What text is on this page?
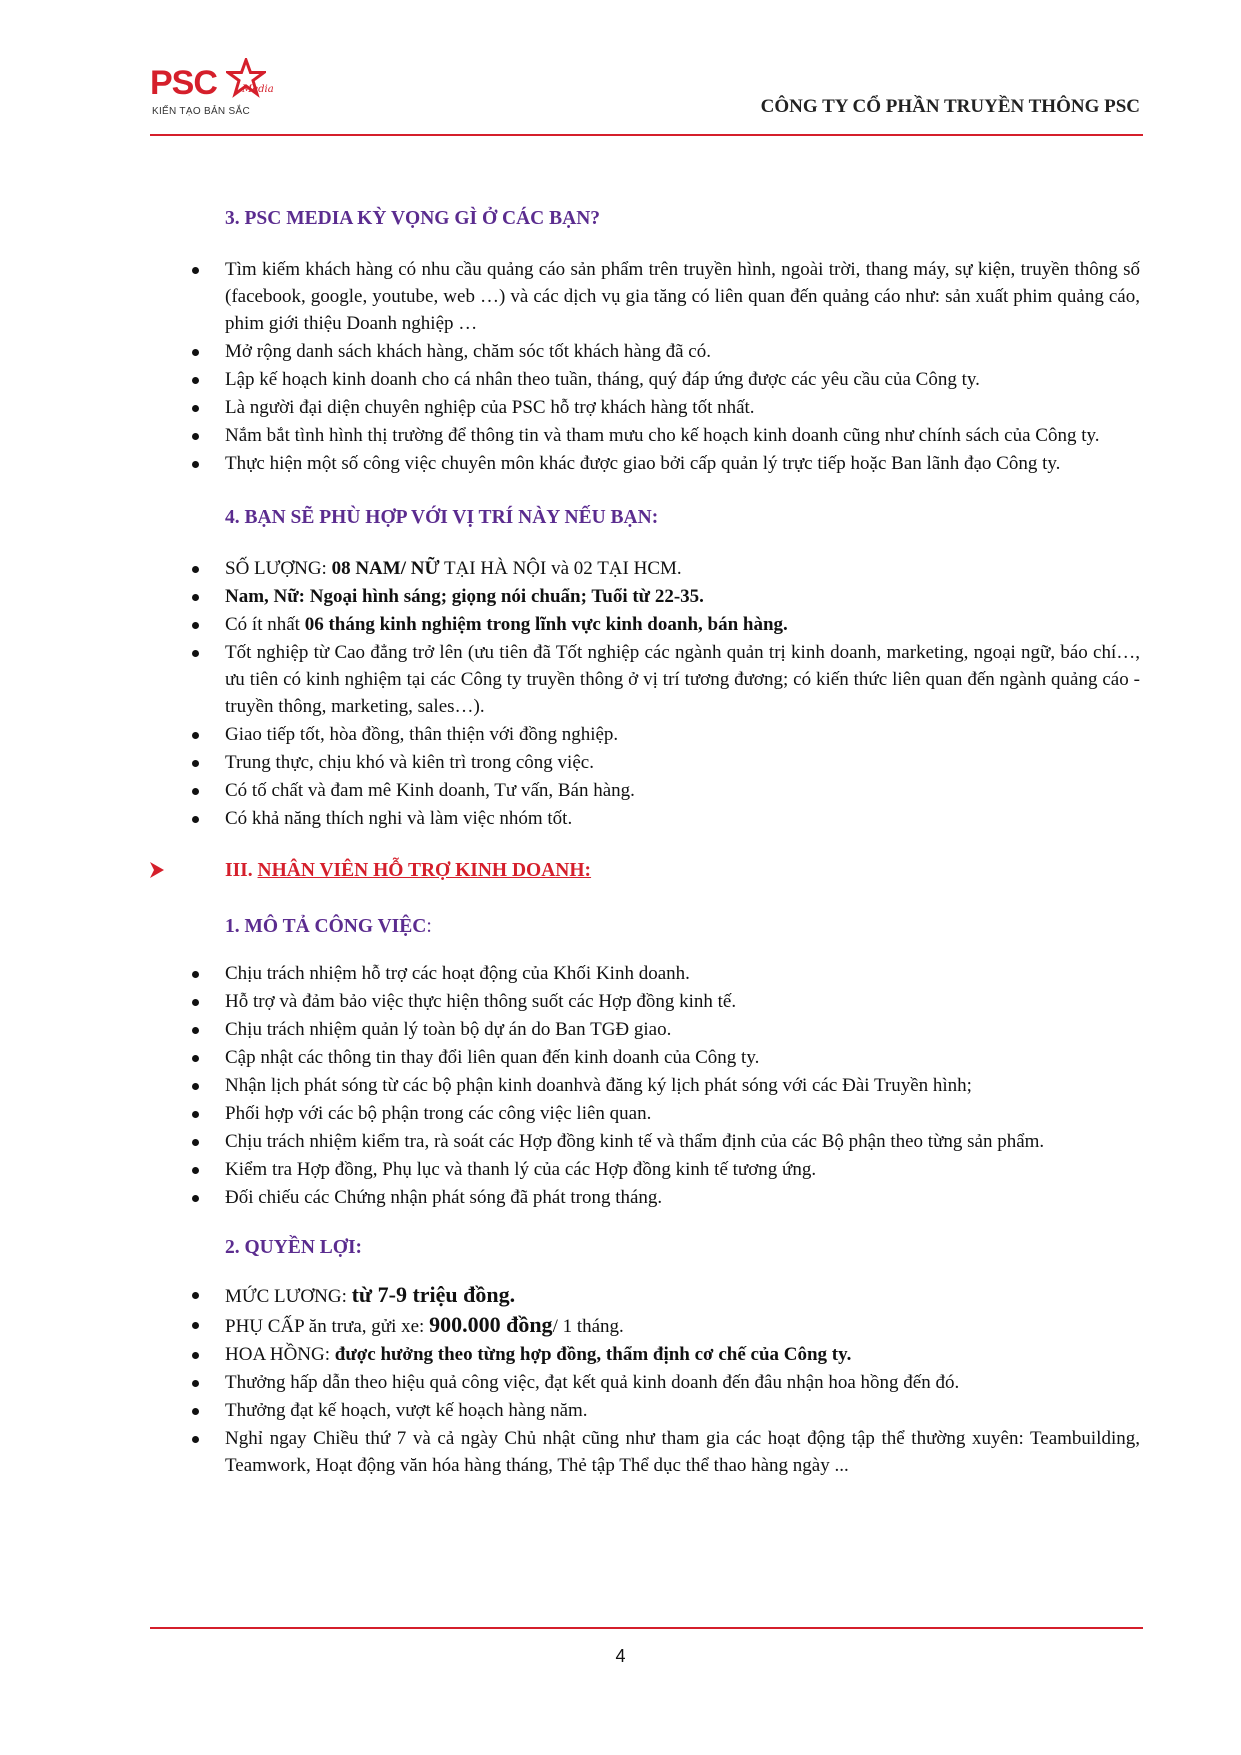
PSC	Media
KIẾN TẠO BẢN SẮC	CÔNG TY CỔ PHẦN TRUYỀN THÔNG PSC
3. PSC MEDIA KỲ VỌNG GÌ Ở CÁC BẠN?
Tìm kiếm khách hàng có nhu cầu quảng cáo sản phẩm trên truyền hình, ngoài trời, thang máy, sự kiện, truyền thông số (facebook, google, youtube, web …) và các dịch vụ gia tăng có liên quan đến quảng cáo như: sản xuất phim quảng cáo, phim giới thiệu Doanh nghiệp …
Mở rộng danh sách khách hàng, chăm sóc tốt khách hàng đã có.
Lập kế hoạch kinh doanh cho cá nhân theo tuần, tháng, quý đáp ứng được các yêu cầu của Công ty.
Là người đại diện chuyên nghiệp của PSC hỗ trợ khách hàng tốt nhất.
Nắm bắt tình hình thị trường để thông tin và tham mưu cho kế hoạch kinh doanh cũng như chính sách của Công ty.
Thực hiện một số công việc chuyên môn khác được giao bởi cấp quản lý trực tiếp hoặc Ban lãnh đạo Công ty.
4. BẠN SẼ PHÙ HỢP VỚI VỊ TRÍ NÀY NẾU BẠN:
SỐ LƯỢNG: 08 NAM/ NỮ TẠI HÀ NỘI và 02 TẠI HCM.
Nam, Nữ: Ngoại hình sáng; giọng nói chuẩn; Tuổi từ 22-35.
Có ít nhất 06 tháng kinh nghiệm trong lĩnh vực kinh doanh, bán hàng.
Tốt nghiệp từ Cao đẳng trở lên (ưu tiên đã Tốt nghiệp các ngành quản trị kinh doanh, marketing, ngoại ngữ, báo chí…, ưu tiên có kinh nghiệm tại các Công ty truyền thông ở vị trí tương đương; có kiến thức liên quan đến ngành quảng cáo - truyền thông, marketing, sales…).
Giao tiếp tốt, hòa đồng, thân thiện với đồng nghiệp.
Trung thực, chịu khó và kiên trì trong công việc.
Có tố chất và đam mê Kinh doanh, Tư vấn, Bán hàng.
Có khả năng thích nghi và làm việc nhóm tốt.
III. NHÂN VIÊN HỖ TRỢ KINH DOANH:
1. MÔ TẢ CÔNG VIỆC:
Chịu trách nhiệm hỗ trợ các hoạt động của Khối Kinh doanh.
Hỗ trợ và đảm bảo việc thực hiện thông suốt các Hợp đồng kinh tế.
Chịu trách nhiệm quản lý toàn bộ dự án do Ban TGĐ giao.
Cập nhật các thông tin thay đổi liên quan đến kinh doanh của Công ty.
Nhận lịch phát sóng từ các bộ phận kinh doanhvà đăng ký lịch phát sóng với các Đài Truyền hình;
Phối hợp với các bộ phận trong các công việc liên quan.
Chịu trách nhiệm kiểm tra, rà soát các Hợp đồng kinh tế và thẩm định của các Bộ phận theo từng sản phẩm.
Kiểm tra Hợp đồng, Phụ lục và thanh lý của các Hợp đồng kinh tế tương ứng.
Đối chiếu các Chứng nhận phát sóng đã phát trong tháng.
2. QUYỀN LỢI:
MỨC LƯƠNG: từ 7-9 triệu đồng.
PHỤ CẤP ăn trưa, gửi xe: 900.000 đồng/ 1 tháng.
HOA HỒNG: được hưởng theo từng hợp đồng, thẩm định cơ chế của Công ty.
Thưởng hấp dẫn theo hiệu quả công việc, đạt kết quả kinh doanh đến đâu nhận hoa hồng đến đó.
Thưởng đạt kế hoạch, vượt kế hoạch hàng năm.
Nghỉ ngay Chiều thứ 7 và cả ngày Chủ nhật cũng như tham gia các hoạt động tập thể thường xuyên: Teambuilding, Teamwork, Hoạt động văn hóa hàng tháng, Thẻ tập Thể dục thể thao hàng ngày ...
4
